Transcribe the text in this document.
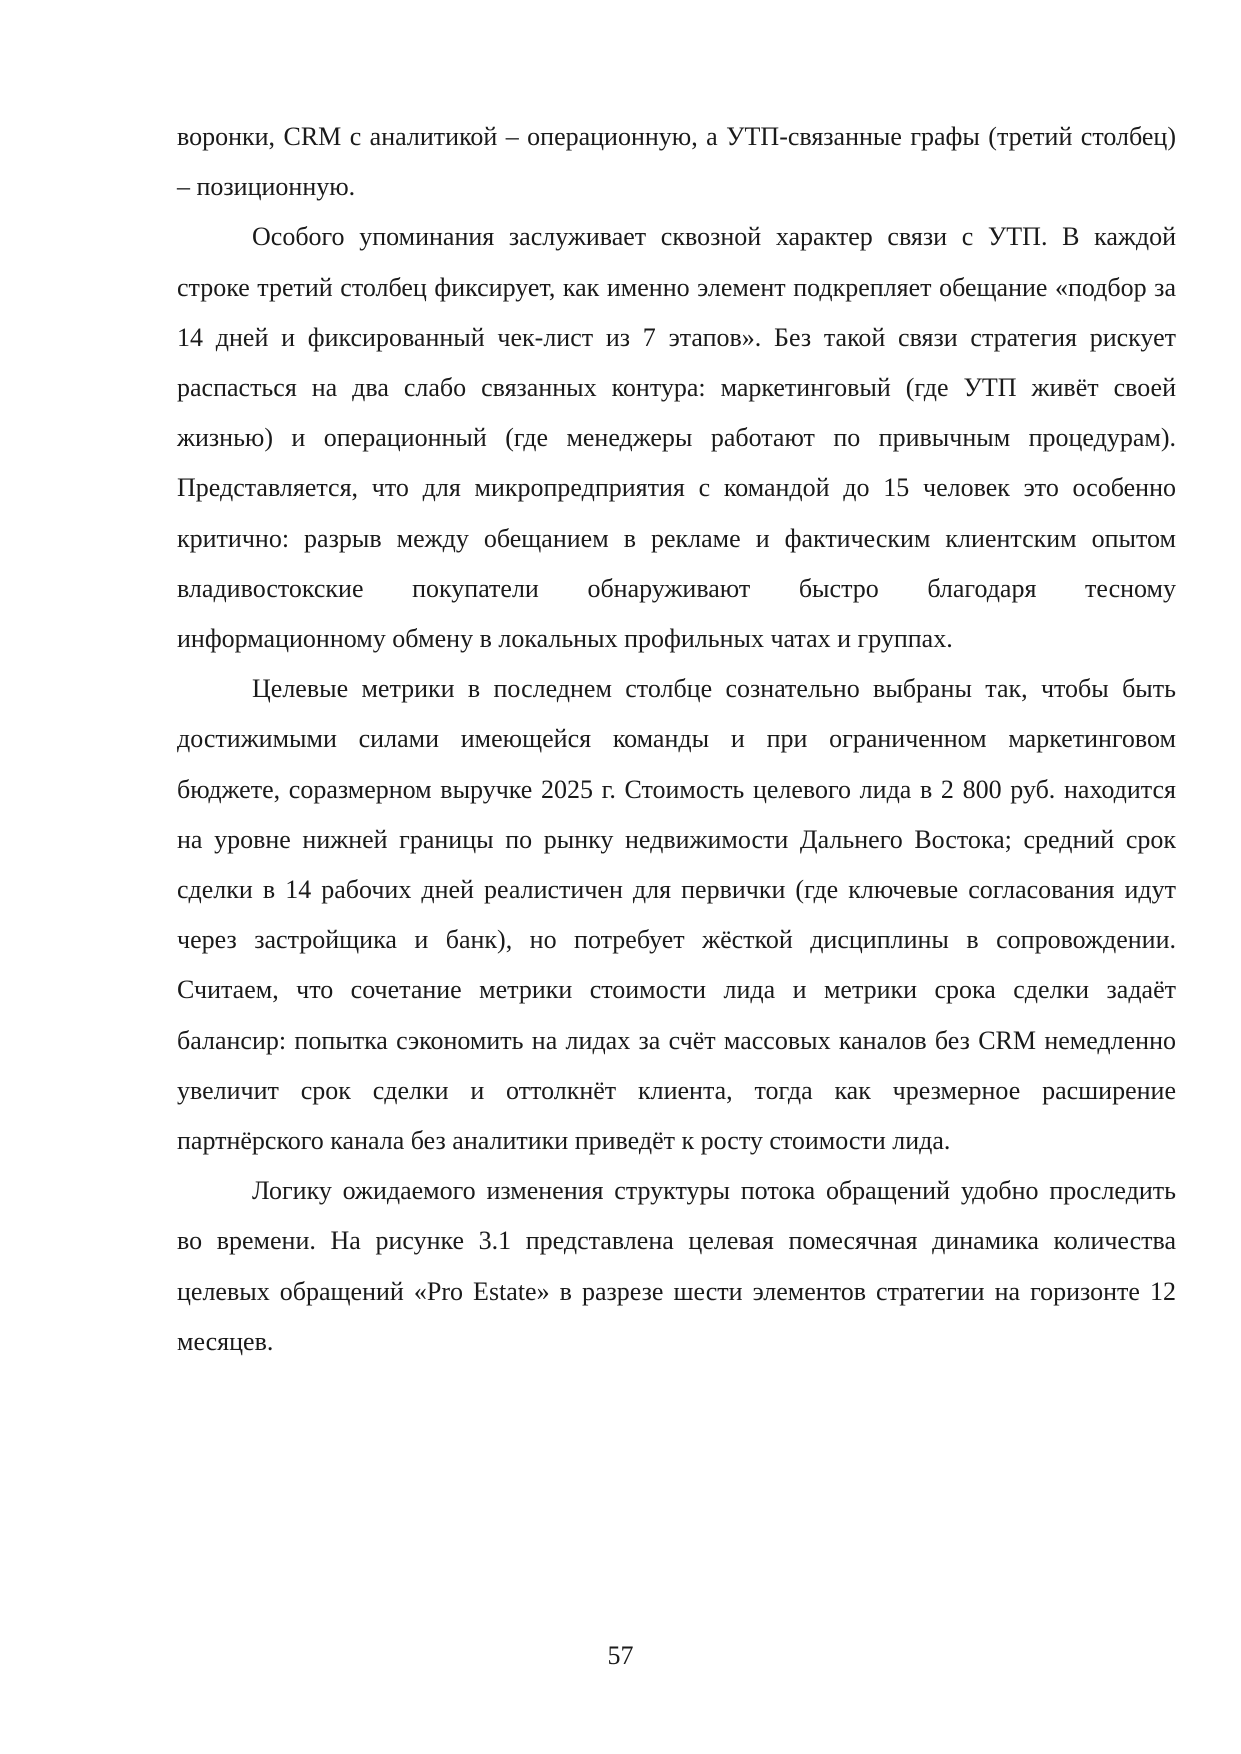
воронки, CRM с аналитикой – операционную, а УТП-связанные графы (третий столбец) – позиционную.

Особого упоминания заслуживает сквозной характер связи с УТП. В каждой строке третий столбец фиксирует, как именно элемент подкрепляет обещание «подбор за 14 дней и фиксированный чек-лист из 7 этапов». Без такой связи стратегия рискует распасться на два слабо связанных контура: маркетинговый (где УТП живёт своей жизнью) и операционный (где менеджеры работают по привычным процедурам). Представляется, что для микропредприятия с командой до 15 человек это особенно критично: разрыв между обещанием в рекламе и фактическим клиентским опытом владивостокские покупатели обнаруживают быстро благодаря тесному информационному обмену в локальных профильных чатах и группах.

Целевые метрики в последнем столбце сознательно выбраны так, чтобы быть достижимыми силами имеющейся команды и при ограниченном маркетинговом бюджете, соразмерном выручке 2025 г. Стоимость целевого лида в 2 800 руб. находится на уровне нижней границы по рынку недвижимости Дальнего Востока; средний срок сделки в 14 рабочих дней реалистичен для первички (где ключевые согласования идут через застройщика и банк), но потребует жёсткой дисциплины в сопровождении. Считаем, что сочетание метрики стоимости лида и метрики срока сделки задаёт балансир: попытка сэкономить на лидах за счёт массовых каналов без CRM немедленно увеличит срок сделки и оттолкнёт клиента, тогда как чрезмерное расширение партнёрского канала без аналитики приведёт к росту стоимости лида.

Логику ожидаемого изменения структуры потока обращений удобно проследить во времени. На рисунке 3.1 представлена целевая помесячная динамика количества целевых обращений «Pro Estate» в разрезе шести элементов стратегии на горизонте 12 месяцев.

57
